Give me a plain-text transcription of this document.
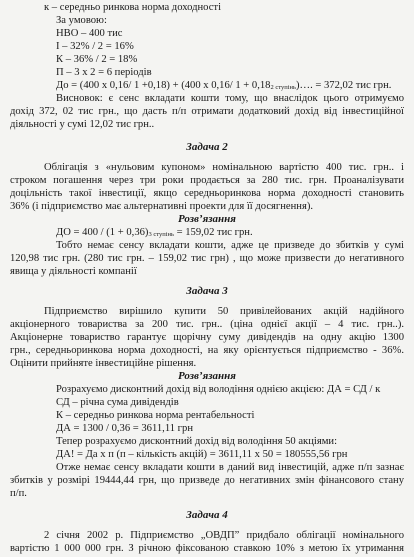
к – середньо ринкова норма доходності
За умовою:
НВО – 400 тис
І – 32% / 2 = 16%
К – 36% / 2 = 18%
П – 3 х 2 = 6 періодів
До = (400 х 0,16/ 1 +0,18) + (400 х 0,16/ 1 + 0,182 ступінь)…. = 372,02 тис грн.
Висновок: є сенс вкладати кошти тому, що внаслідок цього отримуємо
дохід 372, 02 тис грн., що дасть п/п отримати додатковий дохід від інвестиційної
діяльності у сумі 12,02 тис грн..
Задача 2
Облігація з «нульовим купоном» номінальною вартістю 400 тис. грн.. і
строком погашення через три роки продається за 280 тис. грн. Проаналізувати
доцільність такої інвестиції, якщо середньоринкова норма доходності становить
36% (і підприємство має альтернативні проекти для її досягнення).
Розв’язання
ДО = 400 / (1 + 0,36)3 ступінь = 159,02 тис грн.
Тобто немає сенсу вкладати кошти, адже це призведе до збитків у сумі
120,98 тис грн. (280 тис грн. – 159,02 тис грн) , що може призвести до негативного
явища у діяльності компанії
Задача 3
Підприємство вирішило купити 50 привілейованих акцій надійного
акціонерного товариства за 200 тис. грн.. (ціна однієї акції – 4 тис. грн..).
Акціонерне товариство гарантує щорічну суму дивідендів на одну акцію 1300
грн., середньоринкова норма доходності, на яку орієнтується підприємство - 36%.
Оцінити прийняте інвестиційне рішення.
Розв’язання
Розрахуємо дисконтний дохід від володіння однією акцією: ДА = СД / к
СД – річна сума дивідендів
К – середньо ринкова норма рентабельності
ДА = 1300 / 0,36 = 3611,11 грн
Тепер розрахуємо дисконтний дохід від володіння 50 акціями:
ДА! = Да х п (п – кількість акцій) = 3611,11 х 50 = 180555,56 грн
Отже немає сенсу вкладати кошти в даний вид інвестицій, адже п/п зазнає
збитків у розмірі 19444,44 грн, що призведе до негативних змін фінансового стану
п/п.
Задача 4
2 січня 2002 р. Підприємство „ОВДП” придбало облігації номінального
вартістю 1 000 000 грн. З річною фіксованою ставкою 10% з метою їх утримання
